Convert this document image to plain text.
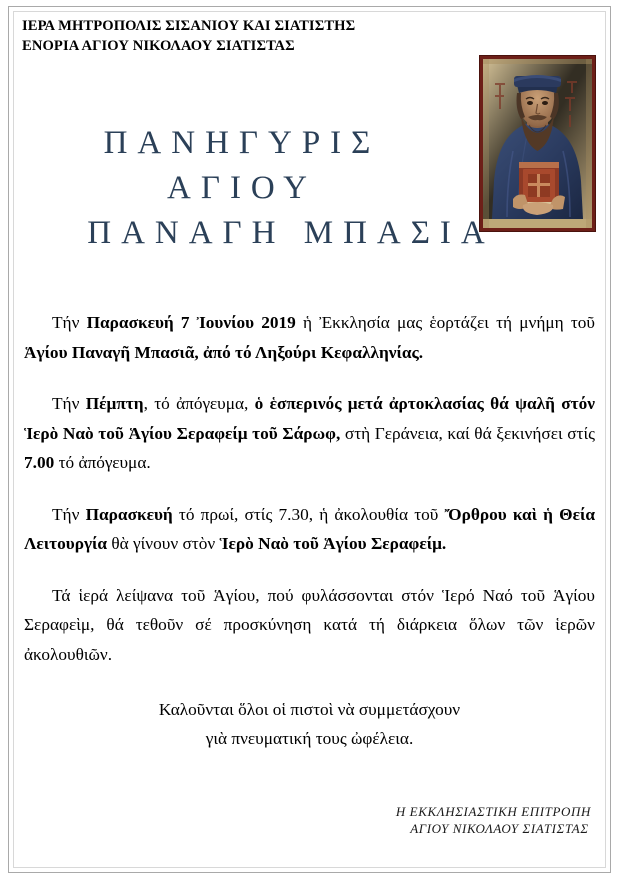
ΙΕΡΑ ΜΗΤΡΟΠΟΛΙΣ ΣΙΣΑΝΙΟΥ ΚΑΙ ΣΙΑΤΙΣΤΗΣ
ΕΝΟΡΙΑ ΑΓΙΟΥ ΝΙΚΟΛΑΟΥ ΣΙΑΤΙΣΤΑΣ
ΠΑΝΗΓΥΡΙΣ
ΑΓΙΟΥ
ΠΑΝΑΓΗ ΜΠΑΣΙΑ

Τήν Παρασκευή 7 Ἰουνίου 2019 ἡ Ἐκκλησία μας ἑορτάζει τή μνήμη τοῦ Ἁγίου Παναγῆ Μπασιᾶ, ἀπό τό Ληξούρι Κεφαλληνίας.

Τήν Πέμπτη, τό ἀπόγευμα, ὁ ἑσπερινός μετά ἀρτοκλασίας θά ψαλῆ στόν Ἱερὸ Ναὸ τοῦ Ἁγίου Σεραφείμ τοῦ Σάρωφ, στὴ Γεράνεια, καί θά ξεκινήσει στίς 7.00 τό ἀπόγευμα.

Τήν Παρασκευή τό πρωί, στίς 7.30, ἡ ἀκολουθία τοῦ Ὄρθρου καὶ ἡ Θεία Λειτουργία θὰ γίνουν στὸν Ἱερὸ Ναὸ τοῦ Ἁγίου Σεραφείμ.

Τά ἱερά λείψανα τοῦ Ἁγίου, πού φυλάσσονται στόν Ἱερό Ναό τοῦ Ἁγίου Σεραφεὶμ, θά τεθοῦν σέ προσκύνηση κατά τή διάρκεια ὅλων τῶν ἱερῶν ἀκολουθιῶν.

Καλοῦνται ὅλοι οἱ πιστοὶ νὰ συμμετάσχουν
γιὰ πνευματική τους ὠφέλεια.
Η ΕΚΚΛΗΣΙΑΣΤΙΚΗ ΕΠΙΤΡΟΠΗ
ΑΓΙΟΥ ΝΙΚΟΛΑΟΥ ΣΙΑΤΙΣΤΑΣ
